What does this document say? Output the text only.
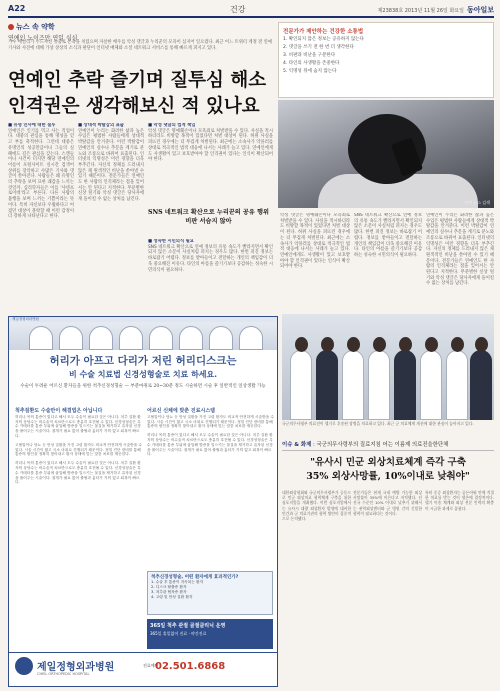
A22	건강	제23838호 2013년 11월 26일 화요일 동아일보
뉴스 속 약학
연예인 노이즈만 연일 심심
가수 에일리가 누드사진 유출로 곤욕을 치렀으며 자살한 배우를 악성 댓글과 누리꾼의 모욕이 심지어 일으켰다. 최근 어느 트위터 계정 전 연예 기사와 사진에 대해 가상 상상의 소식과 판단이 인터넷 매체와 소셜 네트워크 서비스를 통해 빠르게 퍼지고 있다.
연예인 추락 즐기며 질투심 해소
인격권은 생각해보신 적 있나요
전문가가 제안하는 건강한 소통법
1. 확인되지 않은 정보는 공유하지 않는다
2. 댓글을 쓰기 전 한 번 더 생각한다
3. 비판과 비난을 구분한다
4. 타인의 사생활을 존중한다
5. 익명성 뒤에 숨지 않는다
연예 뉴스 검색
■ 유명 인사에 대한 질투
연예인은 인기를 먹고 사는 직업이다. 대중의 관심을 통해 명성을 얻고 부를 축적한다. 그런데 대중은 유명인의 성공만큼이나 그들의 실패에도 깊은 관심을 갖는다. 스캔들이나 사건이 터지면 해당 연예인의 이름이 포털사이트 실시간 검색어 상위를 장악하고 수많은 기사와 댓글이 쏟아진다. 사람들은 왜 유명인의 추락을 보며 묘한 쾌감을 느끼는 것일까. 심리학자들은 이를 '샤덴프로이데'라고 부른다. 다른 사람의 불행을 보며 느끼는 기쁨이라는 뜻이다. 특히 자신보다 우월하다고 여겼던 대상이 몰락할 때 이런 감정이 더 강하게 나타난다고 한다.
■ 상대적 박탈감의 표출
연예인이 누리는 화려한 삶과 높은 수입은 평범한 사람들에게 상대적 박탈감을 안겨준다. 이런 박탈감이 연예인의 실수나 추문을 계기로 분노와 조롱으로 바뀌어 표출된다. 인터넷의 익명성은 이런 경향을 더욱 부추긴다. 자신의 정체를 드러내지 않은 채 원색적인 비난을 쏟아낼 수 있기 때문이다. 전문가들은 연예인도 한 사람의 인격체라는 점을 잊어서는 안 된다고 지적한다. 무분별한 신상 털기와 악성 댓글은 당사자에게 돌이킬 수 없는 상처를 남긴다.
■ 악성 댓글의 법적 책임
악성 댓글은 명예훼손이나 모욕죄로 처벌받을 수 있다. 사실을 적시하더라도 비방할 목적이 있었다면 처벌 대상이 된다. 허위 사실을 퍼뜨린 경우에는 더 무겁게 처벌된다. 최근에는 소속사가 악플러를 상대로 적극적인 법적 대응에 나서는 사례가 늘고 있다. 연예인에게도 사생활이 있고 보호받아야 할 인격권이 있다는 인식이 확산되어야 한다.
■ 성숙한 시민의식 필요
SNS 네트워크 확산으로 연예 정보의 유통 속도가 빨라지면서 확인되지 않은 소문이 사실처럼 퍼지는 경우도 많다. 한번 퍼진 정보는 바로잡기 어렵다. 정보를 받아들이고 전달하는 개인의 책임감이 더욱 중요해진 이유다. 타인의 아픔을 즐기기보다 공감하는 성숙한 시민의식이 필요하다.
악성 댓글은 명예훼손이나 모욕죄로 처벌받을 수 있다. 사실을 적시하더라도 비방할 목적이 있었다면 처벌 대상이 된다. 허위 사실을 퍼뜨린 경우에는 더 무겁게 처벌된다. 최근에는 소속사가 악플러를 상대로 적극적인 법적 대응에 나서는 사례가 늘고 있다. 연예인에게도 사생활이 있고 보호받아야 할 인격권이 있다는 인식이 확산되어야 한다.
SNS 네트워크 확산으로 연예 정보의 유통 속도가 빨라지면서 확인되지 않은 소문이 사실처럼 퍼지는 경우도 많다. 한번 퍼진 정보는 바로잡기 어렵다. 정보를 받아들이고 전달하는 개인의 책임감이 더욱 중요해진 이유다. 타인의 아픔을 즐기기보다 공감하는 성숙한 시민의식이 필요하다.
연예인이 누리는 화려한 삶과 높은 수입은 평범한 사람들에게 상대적 박탈감을 안겨준다. 이런 박탈감이 연예인의 실수나 추문을 계기로 분노와 조롱으로 바뀌어 표출된다. 인터넷의 익명성은 이런 경향을 더욱 부추긴다. 자신의 정체를 드러내지 않은 채 원색적인 비난을 쏟아낼 수 있기 때문이다. 전문가들은 연예인도 한 사람의 인격체라는 점을 잊어서는 안 된다고 지적한다. 무분별한 신상 털기와 악성 댓글은 당사자에게 돌이킬 수 없는 상처를 남긴다.
SNS 네트워크 확산으로 누리꾼의 공유 행위 비판 서슴지 않아
제일정형외과병원
허리가 아프고 다리가 저린 허리디스크는
비 수술 치료법 신경성형술로 치료 하세요.
수술이 두려운 어르신 환자들을 위한 척추신경성형술 — 부분마취로 20~30분 정도 시술하면 시술 후 일반적인 일상생활 가능
척추질환도 수술만이 해결법은 아닙니다
허리나 목의 통증이 있다고 해서 모두 수술이 필요한 것은 아니다. 척추 질환 환자의 상당수는 비수술적 치료만으로도 충분히 호전될 수 있다. 신경성형술은 특수 카테터를 통증 부위에 삽입해 염증을 일으키는 물질을 제거하고 유착된 신경을 풀어주는 시술이다. 절개가 필요 없어 출혈과 흉터가 거의 없고 회복이 빠르다.
고혈압이나 당뇨 등 만성 질환을 가진 고령 환자도 비교적 안전하게 시술받을 수 있다. 시술 시간이 짧고 국소 마취로 진행되기 때문이다. 정밀 진단 장비를 통해 통증의 원인을 정확히 찾아내고 환자 상태에 맞는 맞춤 치료를 제공한다.
허리나 목의 통증이 있다고 해서 모두 수술이 필요한 것은 아니다. 척추 질환 환자의 상당수는 비수술적 치료만으로도 충분히 호전될 수 있다. 신경성형술은 특수 카테터를 통증 부위에 삽입해 염증을 일으키는 물질을 제거하고 유착된 신경을 풀어주는 시술이다. 절개가 필요 없어 출혈과 흉터가 거의 없고 회복이 빠르다.
어르신 신체에 맞춘 진료시스템
고혈압이나 당뇨 등 만성 질환을 가진 고령 환자도 비교적 안전하게 시술받을 수 있다. 시술 시간이 짧고 국소 마취로 진행되기 때문이다. 정밀 진단 장비를 통해 통증의 원인을 정확히 찾아내고 환자 상태에 맞는 맞춤 치료를 제공한다.
허리나 목의 통증이 있다고 해서 모두 수술이 필요한 것은 아니다. 척추 질환 환자의 상당수는 비수술적 치료만으로도 충분히 호전될 수 있다. 신경성형술은 특수 카테터를 통증 부위에 삽입해 염증을 일으키는 물질을 제거하고 유착된 신경을 풀어주는 시술이다. 절개가 필요 없어 출혈과 흉터가 거의 없고 회복이 빠르다.
척추신경성형술, 어떤 환자에게 효과적인가?
1. 수술 후 통증이 지속되는 환자
2. 디스크 탈출증 환자
3. 척추관 협착증 환자
4. 고령 및 만성 질환 환자
365일 척추 관절 골절클리닉 운영
365일 휴일없이 진료 · 야간진료
제일정형외과병원
CHEIL ORTHOPEDIC HOSPITAL
진료예약
02.501.6868
국군의무사령부 의료진이 헬기로 후송된 장병을 치료하고 있다. 최근 군 의료체계 개선에 대한 관심이 높아지고 있다.
이슈 & 화제 : 국군의무사령부의 질료지침 어는 이름제 의료진을한단체
"유사시 민군 외상치료체계 즉각 구축
35% 외상사망률, 10%이내로 낮춰야"
대한외상협회와 국군의무사령부가 공동으로 민군 외상치료 협력체계 구축을 위한 심포지엄을 개최했다. 이번 심포지엄에서는 유사시 대량 외상환자 발생에 대비한 민간과 군 의료기관의 협력 방안이 집중적으로 논의됐다.
전문가들은 현재 국내 예방 가능한 외상 사망률이 35%에 이른다고 지적했다. 선진국 수준인 10% 이내로 낮추기 위해서는 권역외상센터와 군 병원 간의 긴밀한 협력이 필요하다는 것이다.
특히 중증 외상환자는 골든아워 안에 적절한 치료를 받는 것이 생존에 결정적이다. 헬기 이송 체계와 외상 전문 인력의 확충이 시급한 과제로 꼽혔다.
